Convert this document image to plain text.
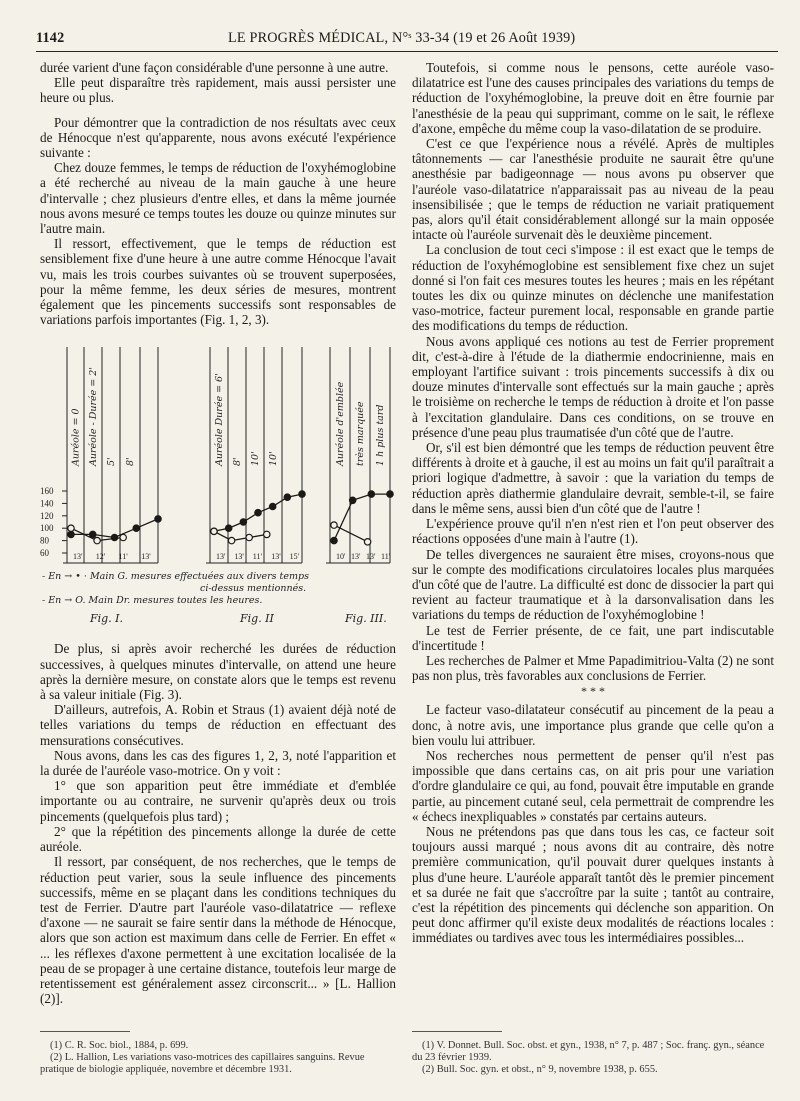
1142	LE PROGRÈS MÉDICAL, N°ˢ 33-34 (19 et 26 Août 1939)

durée varient d'une façon considérable d'une personne à une autre.

Elle peut disparaître très rapidement, mais aussi persister une heure ou plus.

Pour démontrer que la contradiction de nos résultats avec ceux de Hénocque n'est qu'apparente, nous avons exécuté l'expérience suivante :

Chez douze femmes, le temps de réduction de l'oxyhémoglobine a été recherché au niveau de la main gauche à une heure d'intervalle ; chez plusieurs d'entre elles, et dans la même journée nous avons mesuré ce temps toutes les douze ou quinze minutes sur l'autre main.

Il ressort, effectivement, que le temps de réduction est sensiblement fixe d'une heure à une autre comme Hénocque l'avait vu, mais les trois courbes suivantes où se trouvent superposées, pour la même femme, les deux séries de mesures, montrent également que les pincements successifs sont responsables de variations parfois importantes (Fig. 1, 2, 3).

160
140
120
100
80
60
Auréole = 0 Auréole - Durée = 2' 5' 8'
13' 12' 11' 13'
Fig. I.
Auréole Durée = 6' 8' 10' 10'
13' 13' 11' 13' 15'
Fig. II
Auréole d'emblée très marquée 1 h plus tard
10' 13' 13' 11'
Fig. III.
- En → • · Main G. mesures effectuées aux divers temps
ci-dessus mentionnés.
- En → O. Main Dr. mesures toutes les heures.

De plus, si après avoir recherché les durées de réduction successives, à quelques minutes d'intervalle, on attend une heure après la dernière mesure, on constate alors que le temps est revenu à sa valeur initiale (Fig. 3).

D'ailleurs, autrefois, A. Robin et Straus (1) avaient déjà noté de telles variations du temps de réduction en effectuant des mensurations consécutives.

Nous avons, dans les cas des figures 1, 2, 3, noté l'apparition et la durée de l'auréole vaso-motrice. On y voit :

1° que son apparition peut être immédiate et d'emblée importante ou au contraire, ne survenir qu'après deux ou trois pincements (quelquefois plus tard) ;

2° que la répétition des pincements allonge la durée de cette auréole.

Il ressort, par conséquent, de nos recherches, que le temps de réduction peut varier, sous la seule influence des pincements successifs, même en se plaçant dans les conditions techniques du test de Ferrier. D'autre part l'auréole vaso-dilatatrice — reflexe d'axone — ne saurait se faire sentir dans la méthode de Hénocque, alors que son action est maximum dans celle de Ferrier. En effet « ... les réflexes d'axone permettent à une excitation localisée de la peau de se propager à une certaine distance, toutefois leur marge de retentissement est généralement assez circonscrit... » [L. Hallion (2)].

Toutefois, si comme nous le pensons, cette auréole vaso-dilatatrice est l'une des causes principales des variations du temps de réduction de l'oxyhémoglobine, la preuve doit en être fournie par l'anesthésie de la peau qui supprimant, comme on le sait, le réflexe d'axone, empêche du même coup la vaso-dilatation de se produire.

C'est ce que l'expérience nous a révélé. Après de multiples tâtonnements — car l'anesthésie produite ne saurait être qu'une anesthésie par badigeonnage — nous avons pu observer que l'auréole vaso-dilatatrice n'apparaissait pas au niveau de la peau insensibilisée ; que le temps de réduction ne variait pratiquement pas, alors qu'il était considérablement allongé sur la main opposée intacte où l'auréole survenait dès le deuxième pincement.

La conclusion de tout ceci s'impose : il est exact que le temps de réduction de l'oxyhémoglobine est sensiblement fixe chez un sujet donné si l'on fait ces mesures toutes les heures ; mais en les répétant toutes les dix ou quinze minutes on déclenche une manifestation vaso-motrice, facteur purement local, responsable en grande partie des modifications du temps de réduction.

Nous avons appliqué ces notions au test de Ferrier proprement dit, c'est-à-dire à l'étude de la diathermie endocrinienne, mais en employant l'artifice suivant : trois pincements successifs à dix ou douze minutes d'intervalle sont effectués sur la main gauche ; après le troisième on recherche le temps de réduction à droite et l'on passe à l'excitation glandulaire. Dans ces conditions, on se trouve en présence d'une peau plus traumatisée d'un côté que de l'autre.

Or, s'il est bien démontré que les temps de réduction peuvent être différents à droite et à gauche, il est au moins un fait qu'il paraîtrait a priori logique d'admettre, à savoir : que la variation du temps de réduction après diathermie glandulaire devrait, semble-t-il, se faire dans le même sens, aussi bien d'un côté que de l'autre !

L'expérience prouve qu'il n'en n'est rien et l'on peut observer des réactions opposées d'une main à l'autre (1).

De telles divergences ne sauraient être mises, croyons-nous que sur le compte des modifications circulatoires locales plus marquées d'un côté que de l'autre. La difficulté est donc de dissocier la part qui revient au facteur traumatique et à la darsonvalisation dans les variations du temps de réduction de l'oxyhémoglobine !

Le test de Ferrier présente, de ce fait, une part indiscutable d'incertitude !

Les recherches de Palmer et Mme Papadimitriou-Valta (2) ne sont pas non plus, très favorables aux conclusions de Ferrier.

* * *

Le facteur vaso-dilatateur consécutif au pincement de la peau a donc, à notre avis, une importance plus grande que celle qu'on a bien voulu lui attribuer.

Nos recherches nous permettent de penser qu'il n'est pas impossible que dans certains cas, on ait pris pour une variation d'ordre glandulaire ce qui, au fond, pouvait être imputable en grande partie, au pincement cutané seul, cela permettrait de comprendre les « échecs inexpliquables » constatés par certains auteurs.

Nous ne prétendons pas que dans tous les cas, ce facteur soit toujours aussi marqué ; nous avons dit au contraire, dès notre première communication, qu'il pouvait durer quelques instants à plus d'une heure. L'auréole apparaît tantôt dès le premier pincement et sa durée ne fait que s'accroître par la suite ; tantôt au contraire, c'est la répétition des pincements qui déclenche son apparition. On peut donc affirmer qu'il existe deux modalités de réactions locales : immédiates ou tardives avec tous les intermédiaires possibles...

(1) C. R. Soc. biol., 1884, p. 699.

(2) L. Hallion, Les variations vaso-motrices des capillaires sanguins. Revue pratique de biologie appliquée, novembre et décembre 1931.

(1) V. Donnet. Bull. Soc. obst. et gyn., 1938, n° 7, p. 487 ; Soc. franç. gyn., séance du 23 février 1939.

(2) Bull. Soc. gyn. et obst., n° 9, novembre 1938, p. 655.
